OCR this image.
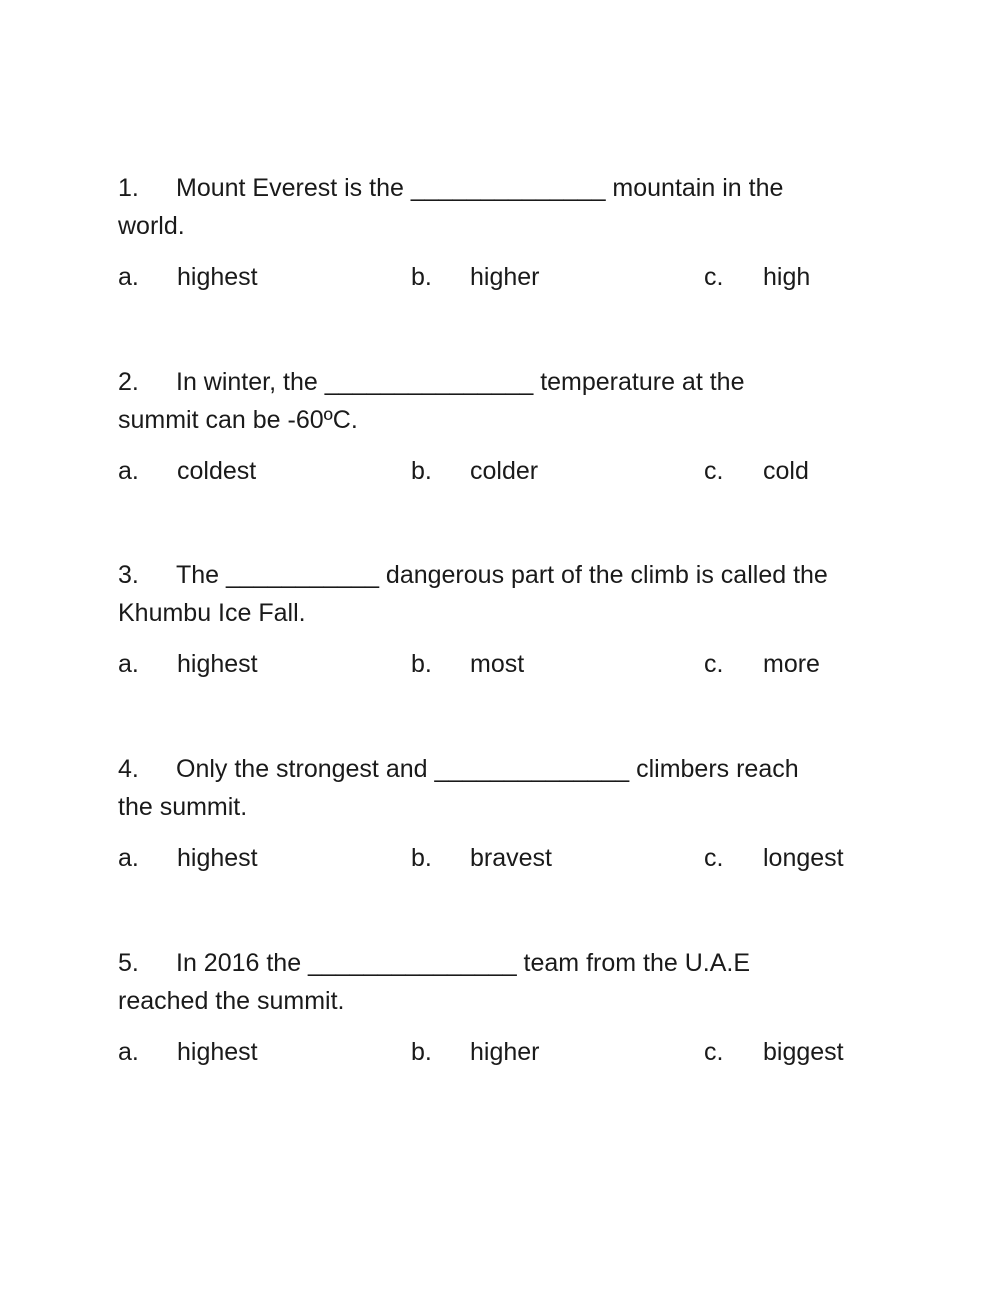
1. Mount Everest is the ______________ mountain in the
world.

a. highest	b. higher	c. high

2. In winter, the _______________ temperature at the
summit can be -60ºC.

a. coldest	b. colder	c. cold

3. The ___________ dangerous part of the climb is called the
Khumbu Ice Fall.

a. highest	b. most	c. more

4. Only the strongest and ______________ climbers reach
the summit.

a. highest	b. bravest	c. longest

5. In 2016 the _______________ team from the U.A.E
reached the summit.

a. highest	b. higher	c. biggest
